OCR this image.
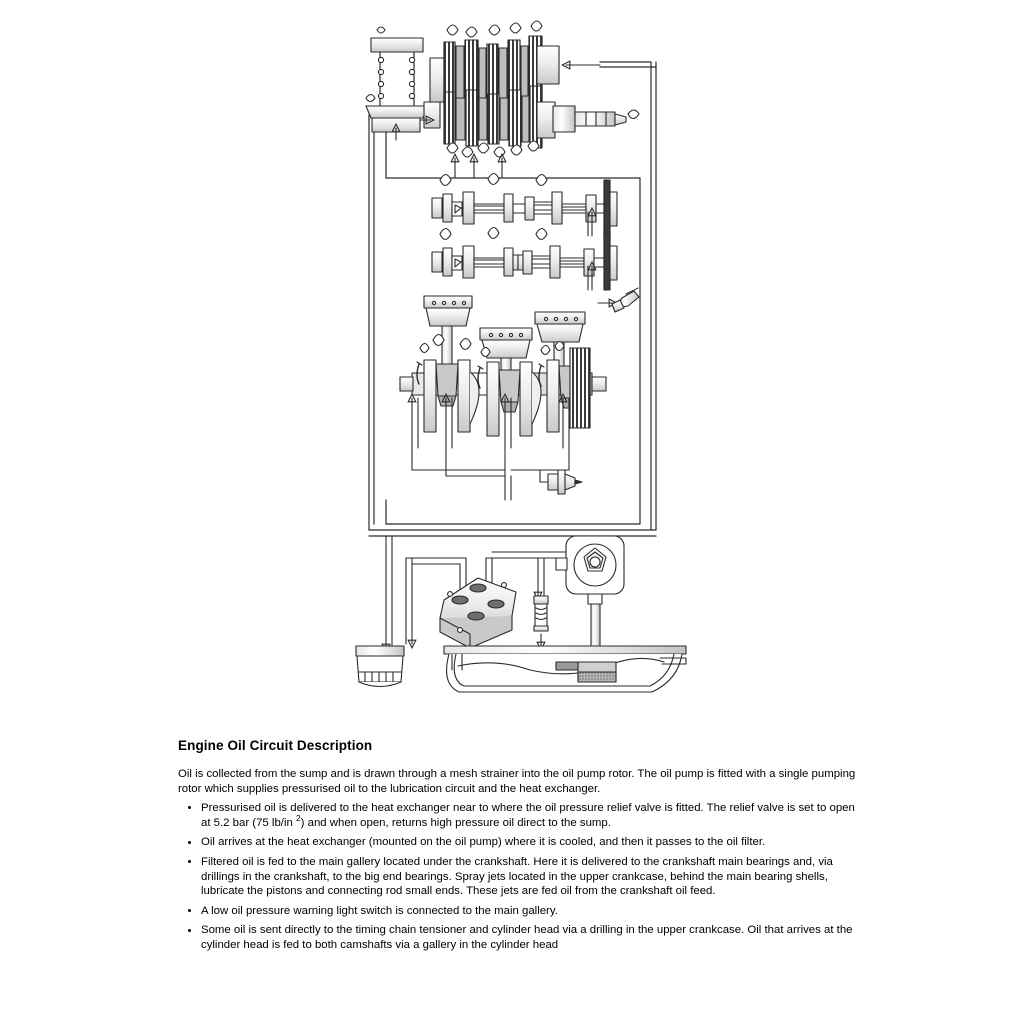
Engine Oil Circuit Description

Oil is collected from the sump and is drawn through a mesh strainer into the oil pump rotor. The oil pump is fitted with a single pumping rotor which supplies pressurised oil to the lubrication circuit and the heat exchanger.

Pressurised oil is delivered to the heat exchanger near to where the oil pressure relief valve is fitted. The relief valve is set to open at 5.2 bar (75 lb/in $^2$) and when open, returns high pressure oil direct to the sump.
Oil arrives at the heat exchanger (mounted on the oil pump) where it is cooled, and then it passes to the oil filter.
Filtered oil is fed to the main gallery located under the crankshaft. Here it is delivered to the crankshaft main bearings and, via drillings in the crankshaft, to the big end bearings. Spray jets located in the upper crankcase, behind the main bearing shells, lubricate the pistons and connecting rod small ends. These jets are fed oil from the crankshaft oil feed.
A low oil pressure warning light switch is connected to the main gallery.
Some oil is sent directly to the timing chain tensioner and cylinder head via a drilling in the upper crankcase. Oil that arrives at the cylinder head is fed to both camshafts via a gallery in the cylinder head
